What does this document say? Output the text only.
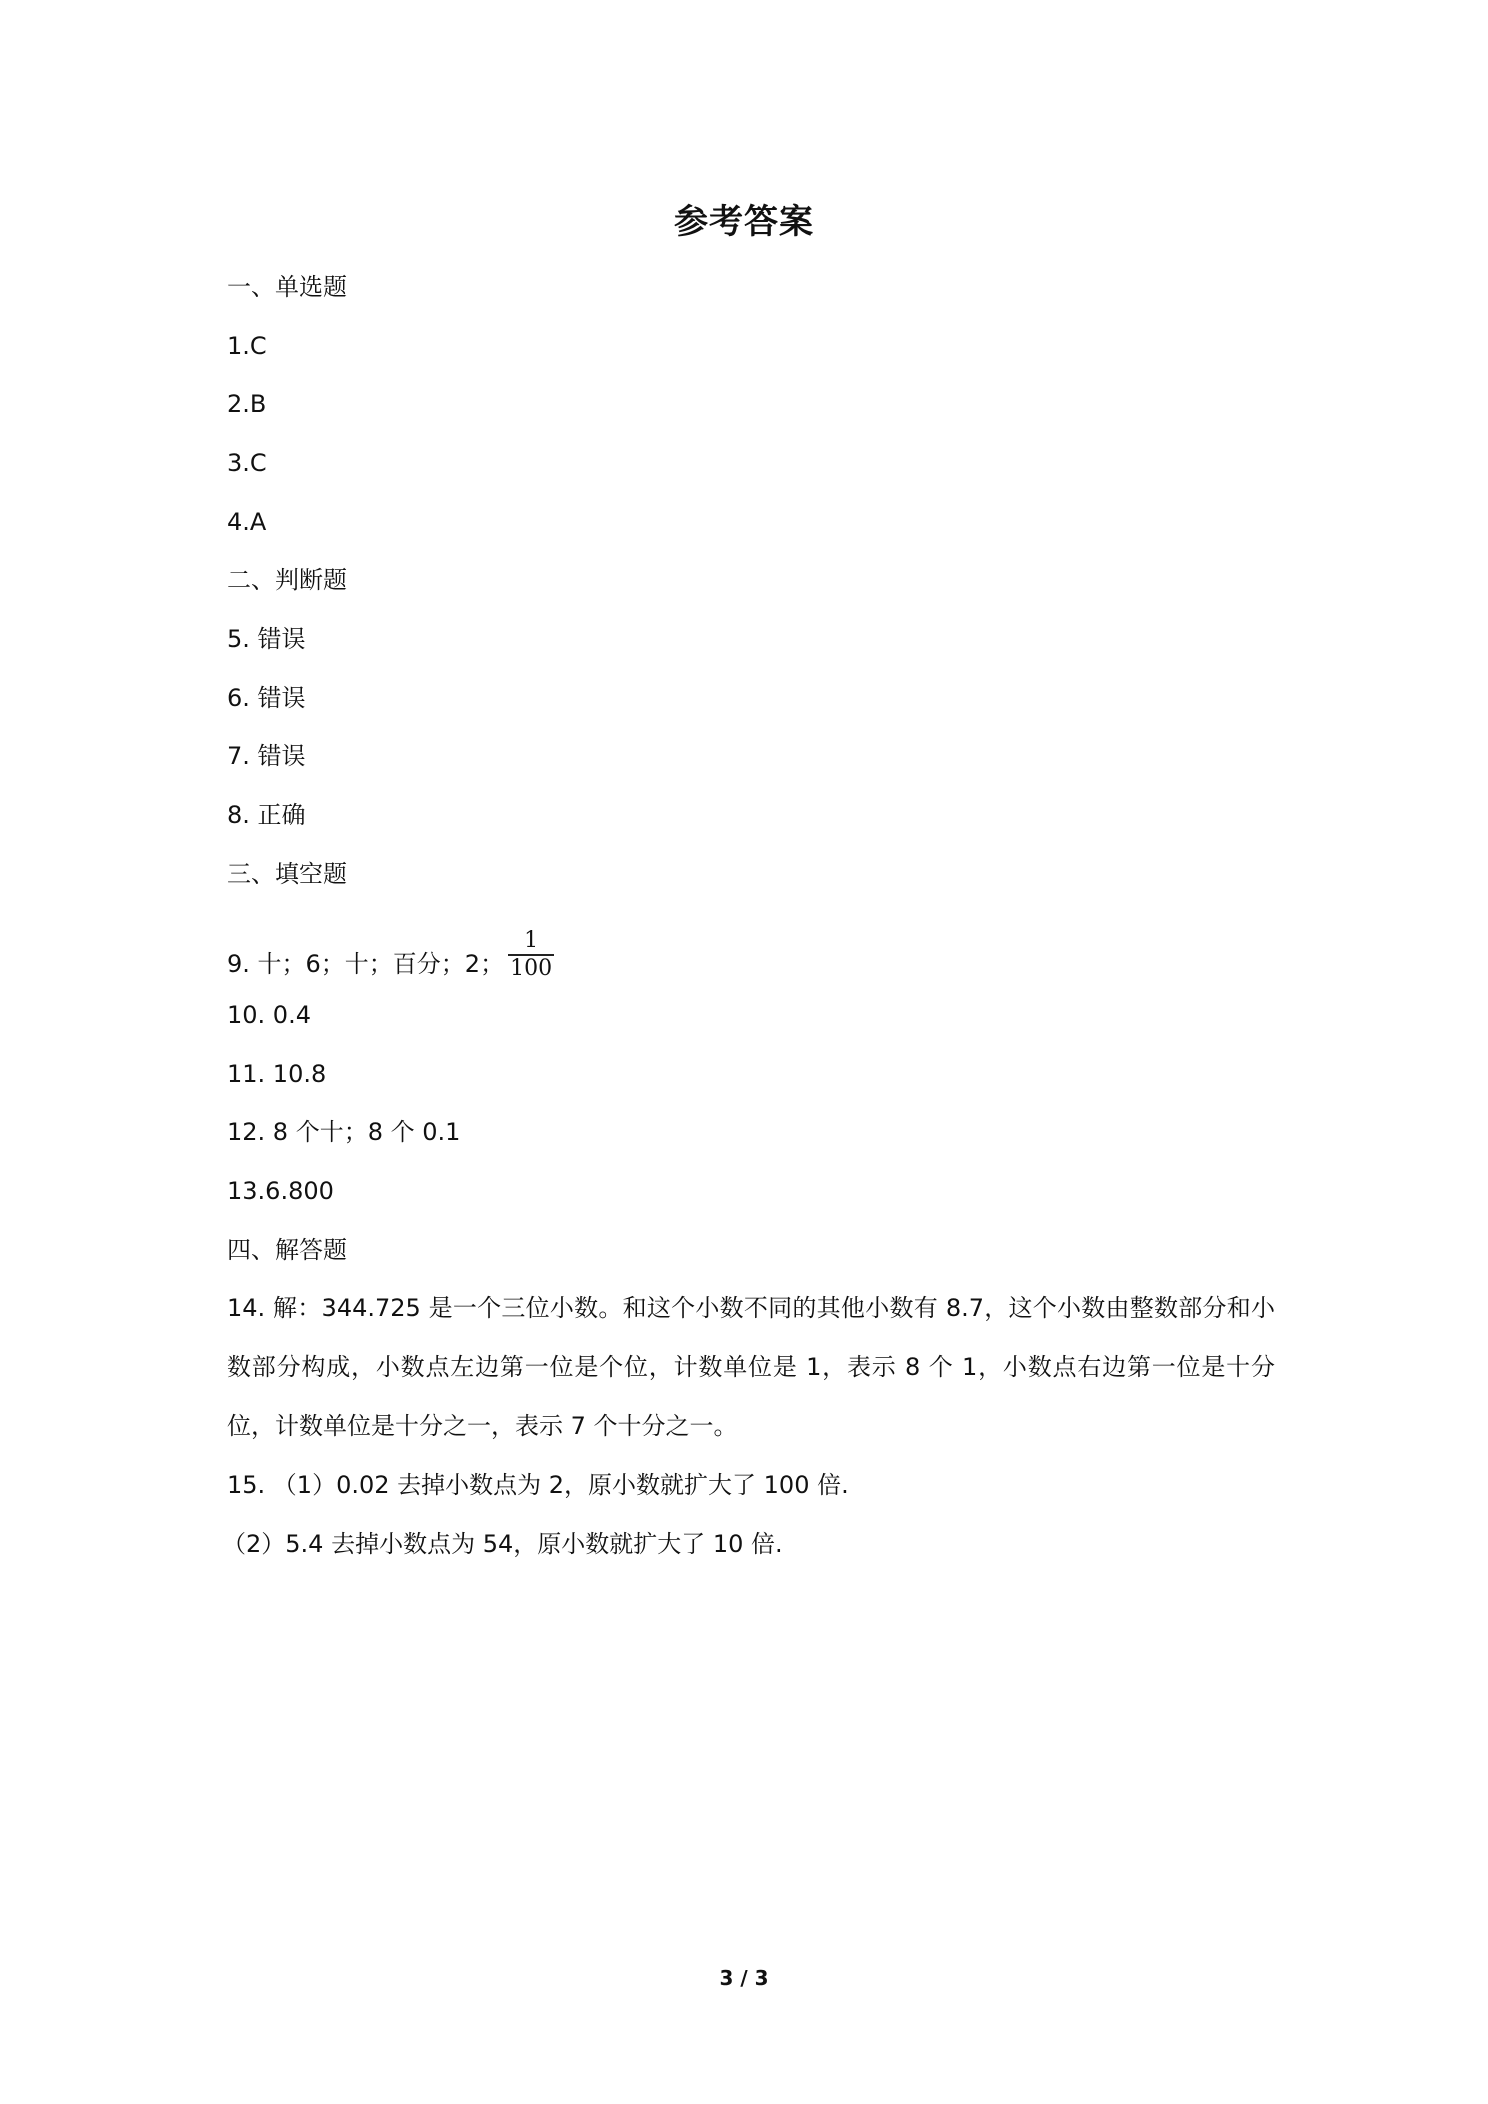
参考答案
一、单选题
1.C
2.B
3.C
4.A
二、判断题
5. 错误
6. 错误
7. 错误
8. 正确
三、填空题
9. 十；6；十；百分；2； $\frac{1}{100}$
10. 0.4
11. 10.8
12. 8 个十；8 个 0.1
13.6.800
四、解答题
14. 解：344.725 是一个三位小数。和这个小数不同的其他小数有 8.7，这个小数由整数部分和小数部分构成，小数点左边第一位是个位，计数单位是 1，表示 8 个 1，小数点右边第一位是十分位，计数单位是十分之一，表示 7 个十分之一。
15. （1）0.02 去掉小数点为 2，原小数就扩大了 100 倍.
（2）5.4 去掉小数点为 54，原小数就扩大了 10 倍.
3 / 3
